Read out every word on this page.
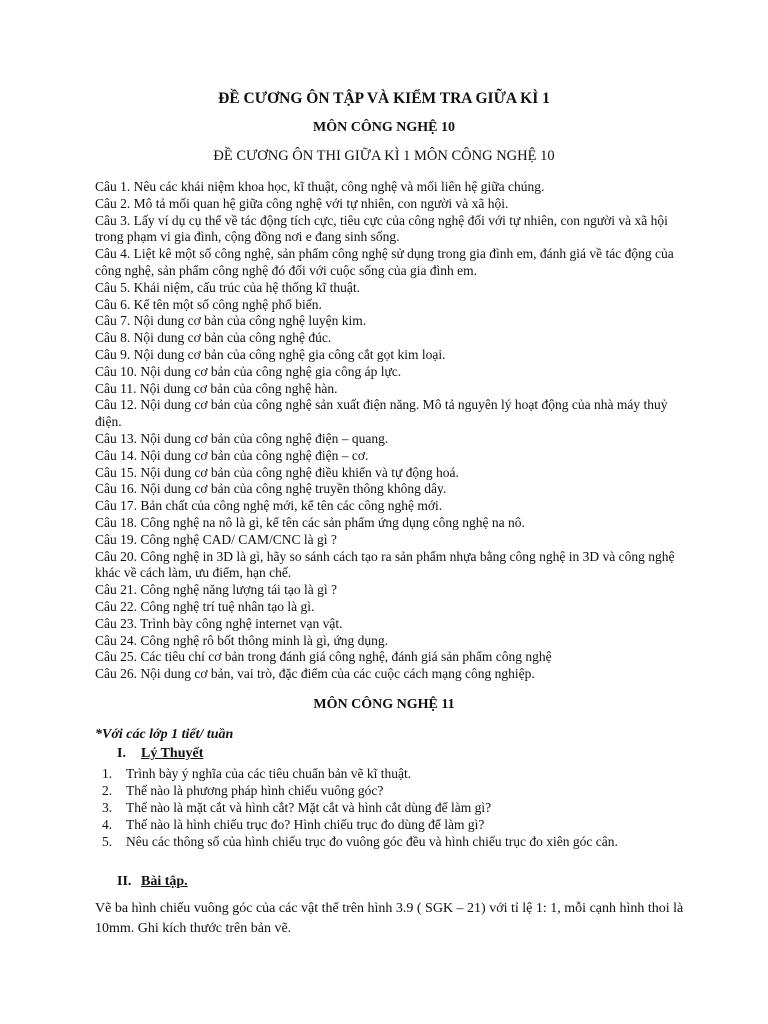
ĐỀ CƯƠNG ÔN TẬP VÀ KIỂM TRA GIỮA KÌ 1
MÔN CÔNG NGHỆ 10

ĐỀ CƯƠNG ÔN THI GIỮA KÌ 1 MÔN CÔNG NGHỆ 10

Câu 1. Nêu các khái niệm khoa học, kĩ thuật, công nghệ và mối liên hệ giữa chúng.

Câu 2. Mô tả mối quan hệ giữa công nghệ với tự nhiên, con người và xã hội.

Câu 3. Lấy ví dụ cụ thể về tác động tích cực, tiêu cực của công nghệ đối với tự nhiên, con người và xã hội trong phạm vi gia đình, cộng đồng nơi e đang sinh sống.

Câu 4. Liệt kê một số công nghệ, sản phẩm công nghệ sử dụng trong gia đình em, đánh giá về tác động của công nghệ, sản phẩm công nghệ đó đối với cuộc sống của gia đình em.

Câu 5. Khái niệm, cấu trúc của hệ thống kĩ thuật.

Câu 6. Kể tên một số công nghệ phổ biến.

Câu 7. Nội dung cơ bản của công nghệ luyện kim.

Câu 8. Nội dung cơ bản của công nghệ đúc.

Câu 9. Nội dung cơ bản của công nghệ gia công cắt gọt kim loại.

Câu 10. Nội dung cơ bản của công nghệ gia công áp lực.

Câu 11. Nội dung cơ bản của công nghệ hàn.

Câu 12. Nội dung cơ bản của công nghệ sản xuất điện năng. Mô tả nguyên lý hoạt động của nhà máy thuỷ điện.

Câu 13. Nội dung cơ bản của công nghệ điện – quang.

Câu 14. Nội dung cơ bản của công nghệ điện – cơ.

Câu 15. Nội dung cơ bản của công nghệ điều khiển và tự động hoá.

Câu 16. Nội dung cơ bản của công nghệ truyền thông không dây.

Câu 17. Bản chất của công nghệ mới, kể tên các công nghệ mới.

Câu 18. Công nghệ na nô là gì, kể tên các sản phẩm ứng dụng công nghệ na nô.

Câu 19. Công nghệ CAD/ CAM/CNC là gì ?

Câu 20. Công nghệ in 3D là gì, hãy so sánh cách tạo ra sản phẩm nhựa bằng công nghệ in 3D và công nghệ khác về cách làm, ưu điểm, hạn chế.

Câu 21. Công nghệ năng lượng tái tạo là gì ?

Câu 22. Công nghệ trí tuệ nhân tạo là gì.

Câu 23. Trình bày công nghệ internet vạn vật.

Câu 24. Công nghệ rô bốt thông minh là gì, ứng dụng.

Câu 25. Các tiêu chí cơ bản trong đánh giá công nghệ, đánh giá sản phẩm công nghệ

Câu 26. Nội dung cơ bản, vai trò, đặc điểm của các cuộc cách mạng công nghiệp.

MÔN CÔNG NGHỆ 11

*Với các lớp 1 tiết/ tuần

I. Lý Thuyết

1. Trình bày ý nghĩa của các tiêu chuẩn bản vẽ kĩ thuật.
2. Thế nào là phương pháp hình chiếu vuông góc?
3. Thế nào là mặt cắt và hình cắt? Mặt cắt và hình cắt dùng để làm gì?
4. Thế nào là hình chiếu trục đo? Hình chiếu trục đo dùng để làm gì?
5. Nêu các thông số của hình chiếu trục đo vuông góc đều và hình chiếu trục đo xiên góc cân.

II. Bài tập.

Vẽ ba hình chiếu vuông góc của các vật thể trên hình 3.9 ( SGK – 21) với tỉ lệ 1: 1, mỗi cạnh hình thoi là 10mm. Ghi kích thước trên bản vẽ.
